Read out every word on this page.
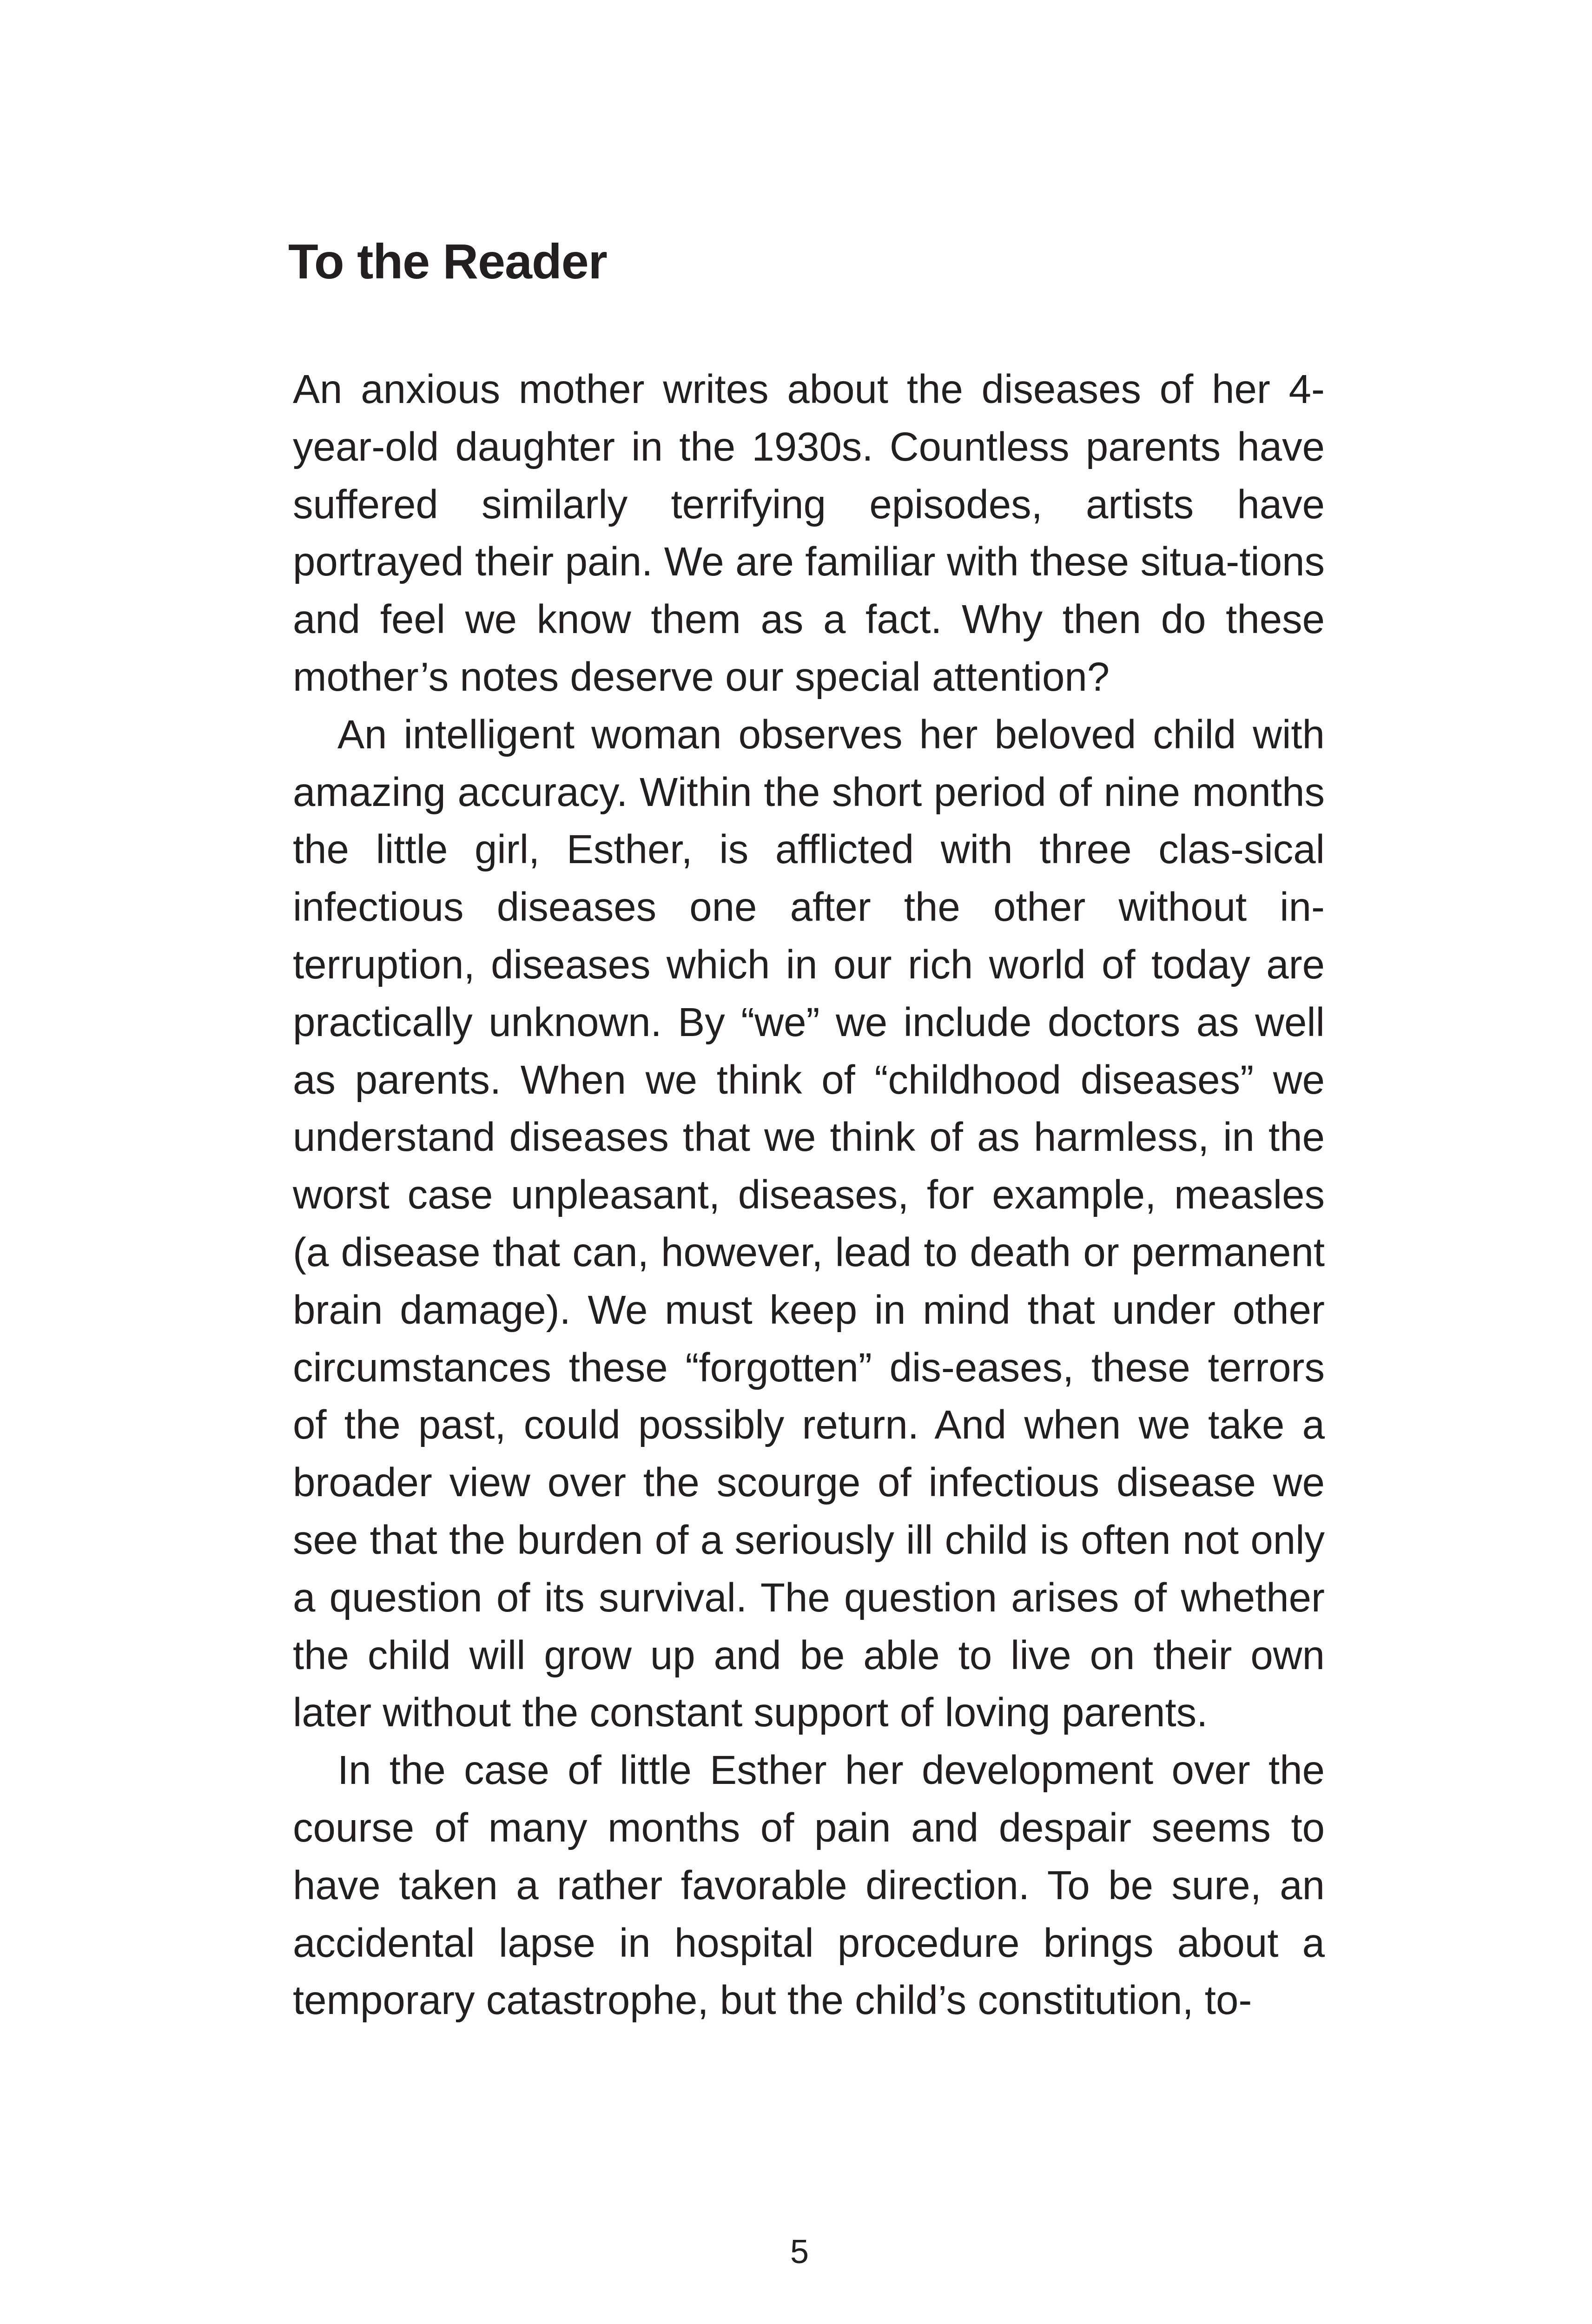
To the Reader

An anxious mother writes about the diseases of her 4-year-old daughter in the 1930s. Countless parents have suffered similarly terrifying episodes, artists have portrayed their pain. We are familiar with these situa-tions and feel we know them as a fact. Why then do these mother’s notes deserve our special attention?

An intelligent woman observes her beloved child with amazing accuracy. Within the short period of nine months the little girl, Esther, is afflicted with three clas-sical infectious diseases one after the other without in-terruption, diseases which in our rich world of today are practically unknown. By “we” we include doctors as well as parents. When we think of “childhood diseases” we understand diseases that we think of as harmless, in the worst case unpleasant, diseases, for example, measles (a disease that can, however, lead to death or permanent brain damage). We must keep in mind that under other circumstances these “forgotten” dis-eases, these terrors of the past, could possibly return. And when we take a broader view over the scourge of infectious disease we see that the burden of a seriously ill child is often not only a question of its survival. The question arises of whether the child will grow up and be able to live on their own later without the constant support of loving parents.

In the case of little Esther her development over the course of many months of pain and despair seems to have taken a rather favorable direction. To be sure, an accidental lapse in hospital procedure brings about a temporary catastrophe, but the child’s constitution, to-

5
